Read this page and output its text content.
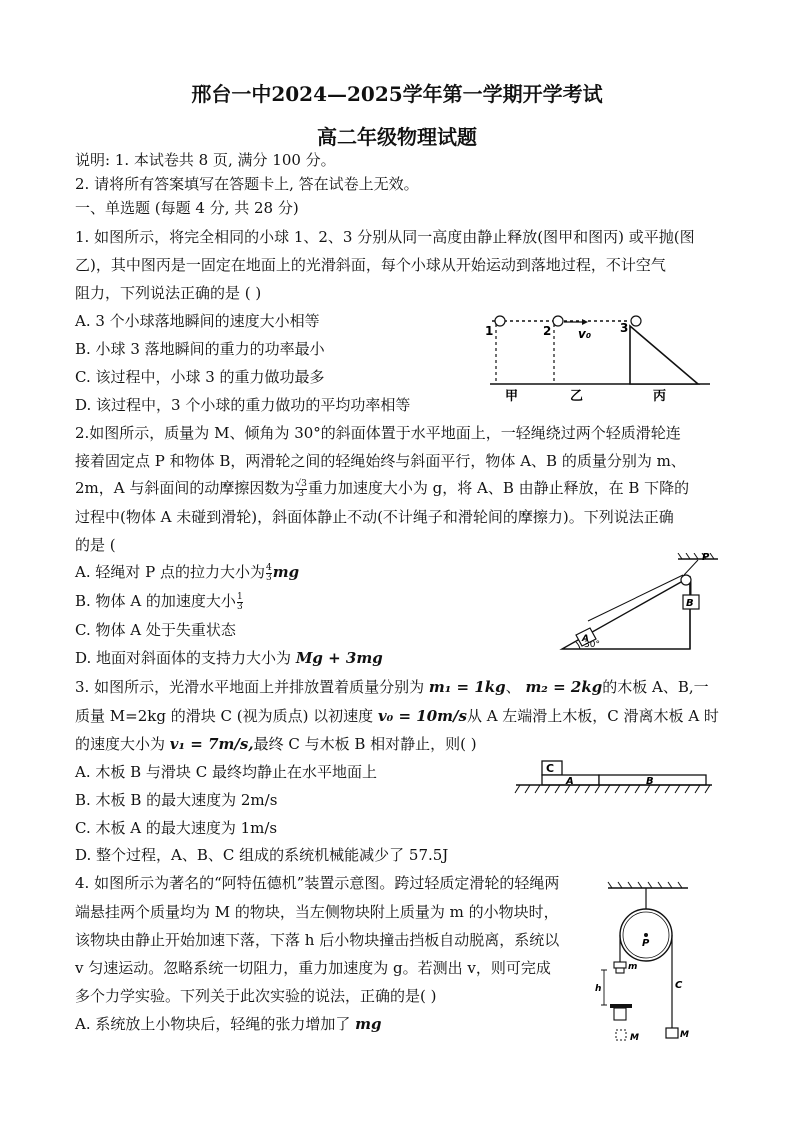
邢台一中2024—2025学年第一学期开学考试
高二年级物理试题
说明: 1. 本试卷共 8 页, 满分 100 分。
2. 请将所有答案填写在答题卡上, 答在试卷上无效。
一、单选题 (每题 4 分, 共 28 分)
1. 如图所示，将完全相同的小球 1、2、3 分别从同一高度由静止释放(图甲和图丙) 或平抛(图
乙)，其中图丙是一固定在地面上的光滑斜面，每个小球从开始运动到落地过程，不计空气
阻力，下列说法正确的是 ( )
A. 3 个小球落地瞬间的速度大小相等
B. 小球 3 落地瞬间的重力的功率最小
C. 该过程中，小球 3 的重力做功最多
D. 该过程中，3 个小球的重力做功的平均功率相等
1	2	3
v₀
甲	乙	丙
2.如图所示，质量为 M、倾角为 30°的斜面体置于水平地面上，一轻绳绕过两个轻质滑轮连
接着固定点 P 和物体 B，两滑轮之间的轻绳始终与斜面平行，物体 A、B 的质量分别为 m、
2m，A 与斜面间的动摩擦因数为 $\frac{√3}{3}$ 重力加速度大小为 g，将 A、B 由静止释放，在 B 下降的
过程中(物体 A 未碰到滑轮)，斜面体静止不动(不计绳子和滑轮间的摩擦力)。下列说法正确
的是 (
A. 轻绳对 P 点的拉力大小为 $\frac{4}{3}$ mg
B. 物体 A 的加速度大小 $\frac{1}{3}$
C. 物体 A 处于失重状态
D. 地面对斜面体的支持力大小为 Mg + 3mg
P
B
A
30°
3. 如图所示，光滑水平地面上并排放置着质量分别为 m₁ = 1kg、 m₂ = 2kg的木板 A、B,一
质量 M=2kg 的滑块 C (视为质点) 以初速度 v₀ = 10m/s从 A 左端滑上木板，C 滑离木板 A 时
的速度大小为 v₁ = 7m/s,最终 C 与木板 B 相对静止，则( )
A. 木板 B 与滑块 C 最终均静止在水平地面上
B. 木板 B 的最大速度为 2m/s
C. 木板 A 的最大速度为 1m/s
D. 整个过程，A、B、C 组成的系统机械能减少了 57.5J
C
A	B
4. 如图所示为著名的“阿特伍德机”装置示意图。跨过轻质定滑轮的轻绳两
端悬挂两个质量均为 M 的物块，当左侧物块附上质量为 m 的小物块时，
该物块由静止开始加速下落，下落 h 后小物块撞击挡板自动脱离，系统以
v 匀速运动。忽略系统一切阻力，重力加速度为 g。若测出 v，则可完成
多个力学实验。下列关于此次实验的说法，正确的是( )
A. 系统放上小物块后，轻绳的张力增加了 mg
P
m
h	C
M	M
